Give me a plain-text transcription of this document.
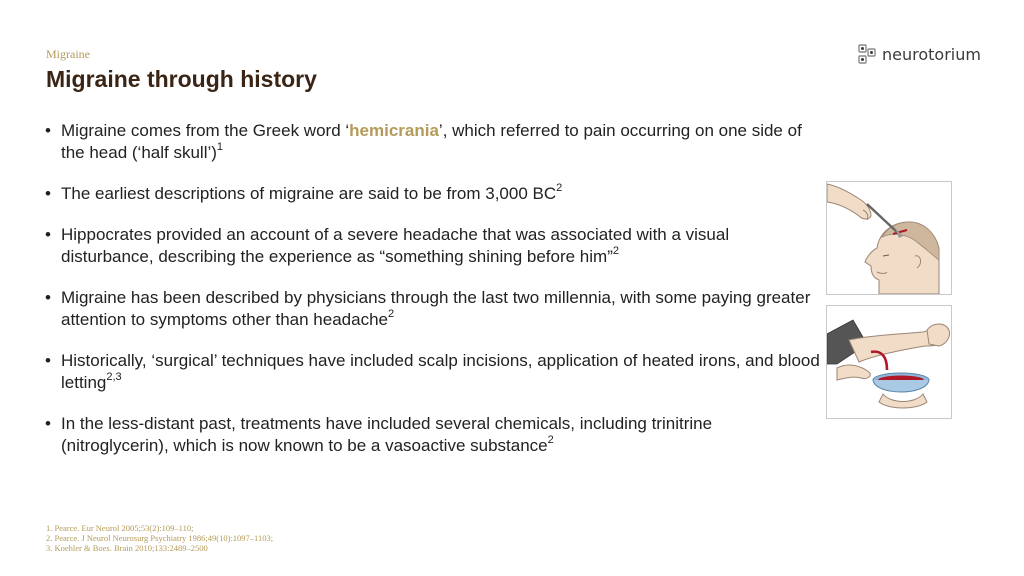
Migraine
Migraine through history
neurotorium
• Migraine comes from the Greek word ‘hemicrania’, which referred to pain occurring on one side of the head (‘half skull’)$^1$
• The earliest descriptions of migraine are said to be from 3,000 $BC^2$
• Hippocrates provided an account of a severe headache that was associated with a visual disturbance, describing the experience as “something shining before him”$^2$
• Migraine has been described by physicians through the last two millennia, with some paying greater attention to symptoms other than headache$^2$
• Historically, ‘surgical’ techniques have included scalp incisions, application of heated irons, and blood letting$^{2,3}$
• In the less-distant past, treatments have included several chemicals, including trinitrine (nitroglycerin), which is now known to be a vasoactive substance$^2$
1. Pearce. Eur Neurol 2005;53(2):109–110;
2. Pearce. J Neurol Neurosurg Psychiatry 1986;49(10):1097–1103;
3. Koehler & Boes. Brain 2010;133:2489–2500
